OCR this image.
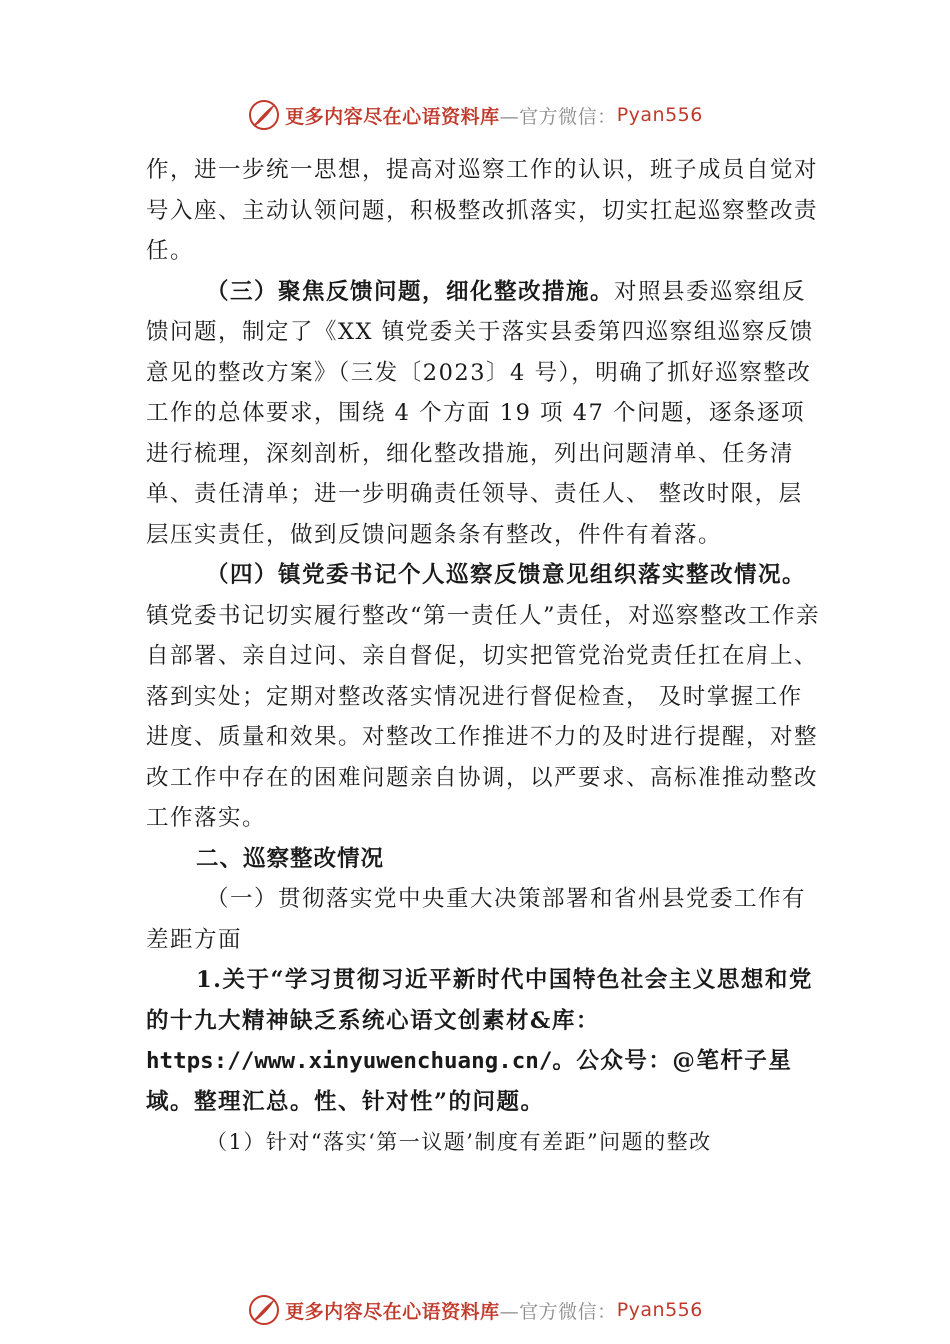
更多内容尽在心语资料库 —官方微信： Pyan556

作，进一步统一思想，提高对巡察工作的认识，班子成员自觉对号入座、主动认领问题，积极整改抓落实，切实扛起巡察整改责任。

（三）聚焦反馈问题，细化整改措施。对照县委巡察组反馈问题，制定了《XX 镇党委关于落实县委第四巡察组巡察反馈意见的整改方案》（三发〔2023〕4 号），明确了抓好巡察整改工作的总体要求，围绕 4 个方面 19 项 47 个问题，逐条逐项进行梳理，深刻剖析，细化整改措施，列出问题清单、任务清单、责任清单；进一步明确责任领导、责任人、 整改时限，层层压实责任，做到反馈问题条条有整改，件件有着落。

（四）镇党委书记个人巡察反馈意见组织落实整改情况。镇党委书记切实履行整改“第一责任人”责任，对巡察整改工作亲自部署、亲自过问、亲自督促，切实把管党治党责任扛在肩上、落到实处；定期对整改落实情况进行督促检查， 及时掌握工作进度、质量和效果。对整改工作推进不力的及时进行提醒，对整改工作中存在的困难问题亲自协调，以严要求、高标准推动整改工作落实。

二、巡察整改情况

（一）贯彻落实党中央重大决策部署和省州县党委工作有差距方面

1.关于“学习贯彻习近平新时代中国特色社会主义思想和党的十九大精神缺乏系统心语文创素材&库：https://www.xinyuwenchuang.cn/。公众号：@笔杆子星域。整理汇总。性、针对性”的问题。

（1）针对“落实‘第一议题’制度有差距”问题的整改

更多内容尽在心语资料库 —官方微信： Pyan556
